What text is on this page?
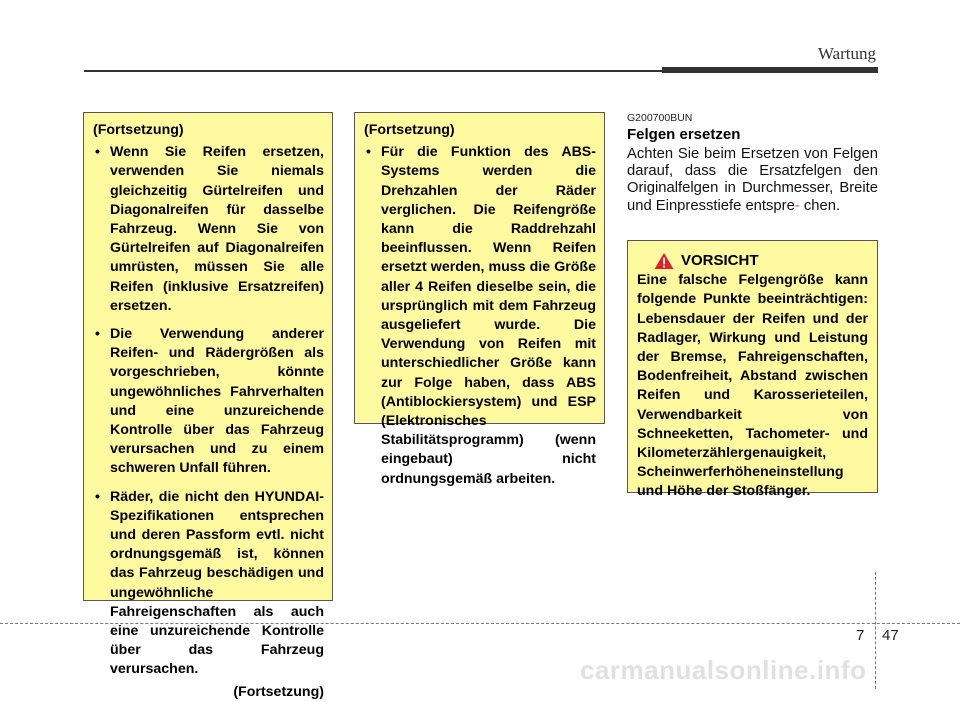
Wartung

(Fortsetzung)

• Wenn Sie Reifen ersetzen, verwenden Sie niemals gleichzeitig Gürtelreifen und Diagonalreifen für dasselbe Fahrzeug. Wenn Sie von Gürtelreifen auf Diagonalreifen umrüsten, müssen Sie alle Reifen (inklusive Ersatzreifen) ersetzen.
• Die Verwendung anderer Reifen- und Rädergrößen als vorgeschrieben, könnte ungewöhnliches Fahrverhalten und eine unzureichende Kontrolle über das Fahrzeug verursachen und zu einem schweren Unfall führen.
• Räder, die nicht den HYUNDAI-Spezifikationen entsprechen und deren Passform evtl. nicht ordnungsgemäß ist, können das Fahrzeug beschädigen und ungewöhnliche Fahreigenschaften als auch eine unzureichende Kontrolle über das Fahrzeug verursachen.

(Fortsetzung)

(Fortsetzung)

• Für die Funktion des ABS-Systems werden die Drehzahlen der Räder verglichen. Die Reifengröße kann die Raddrehzahl beeinflussen. Wenn Reifen ersetzt werden, muss die Größe aller 4 Reifen dieselbe sein, die ursprünglich mit dem Fahrzeug ausgeliefert wurde. Die Verwendung von Reifen mit unterschiedlicher Größe kann zur Folge haben, dass ABS (Antiblockiersystem) und ESP (Elektronisches Stabilitätsprogramm) (wenn eingebaut) nicht ordnungsgemäß arbeiten.
G200700BUN
Felgen ersetzen
Achten Sie beim Ersetzen von Felgen darauf, dass die Ersatzfelgen den Originalfelgen in Durchmesser, Breite und Einpresstiefe entspre- chen.
VORSICHT

Eine falsche Felgengröße kann folgende Punkte beeinträchtigen: Lebensdauer der Reifen und der Radlager, Wirkung und Leistung der Bremse, Fahreigenschaften, Bodenfreiheit, Abstand zwischen Reifen und Karosserieteilen, Verwendbarkeit von Schneeketten, Tachometer- und Kilometerzählergenauigkeit, Scheinwerferhöheneinstellung und Höhe der Stoßfänger.

7 47
carmanualsonline.info
